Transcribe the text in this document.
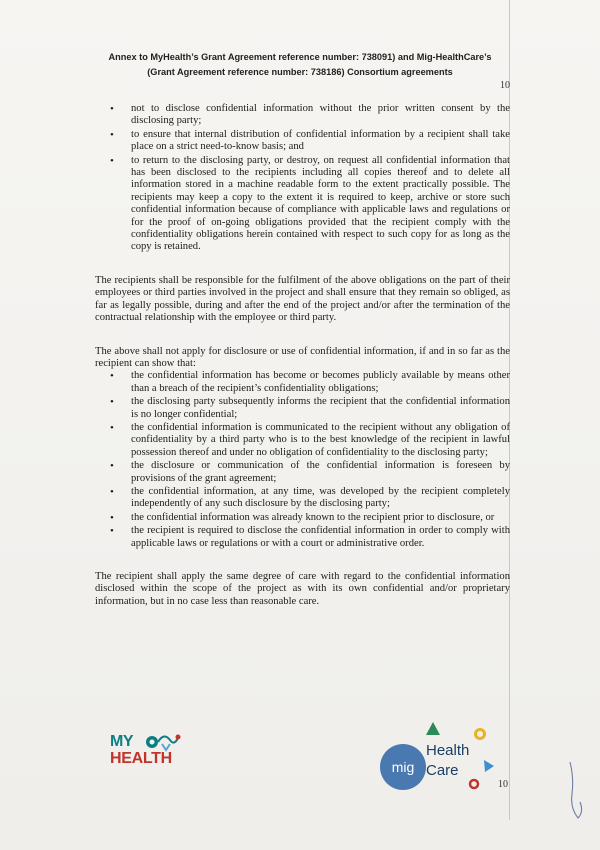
Annex to MyHealth’s Grant Agreement reference number: 738091) and Mig-HealthCare’s
(Grant Agreement reference number: 738186) Consortium agreements
10
• not to disclose confidential information without the prior written consent by the disclosing party;
• to ensure that internal distribution of confidential information by a recipient shall take place on a strict need-to-know basis; and
• to return to the disclosing party, or destroy, on request all confidential information that has been disclosed to the recipients including all copies thereof and to delete all information stored in a machine readable form to the extent practically possible. The recipients may keep a copy to the extent it is required to keep, archive or store such confidential information because of compliance with applicable laws and regulations or for the proof of on-going obligations provided that the recipient comply with the confidentiality obligations herein contained with respect to such copy for as long as the copy is retained.

The recipients shall be responsible for the fulfilment of the above obligations on the part of their employees or third parties involved in the project and shall ensure that they remain so obliged, as far as legally possible, during and after the end of the project and/or after the termination of the contractual relationship with the employee or third party.

The above shall not apply for disclosure or use of confidential information, if and in so far as the recipient can show that:

• the confidential information has become or becomes publicly available by means other than a breach of the recipient’s confidentiality obligations;
• the disclosing party subsequently informs the recipient that the confidential information is no longer confidential;
• the confidential information is communicated to the recipient without any obligation of confidentiality by a third party who is to the best knowledge of the recipient in lawful possession thereof and under no obligation of confidentiality to the disclosing party;
• the disclosure or communication of the confidential information is foreseen by provisions of the grant agreement;
• the confidential information, at any time, was developed by the recipient completely independently of any such disclosure by the disclosing party;
• the confidential information was already known to the recipient prior to disclosure, or
• the recipient is required to disclose the confidential information in order to comply with applicable laws or regulations or with a court or administrative order.

The recipient shall apply the same degree of care with regard to the confidential information disclosed within the scope of the project as with its own confidential and/or proprietary information, but in no case less than reasonable care.

MY
HEALTH	mig
Health
Care
10
